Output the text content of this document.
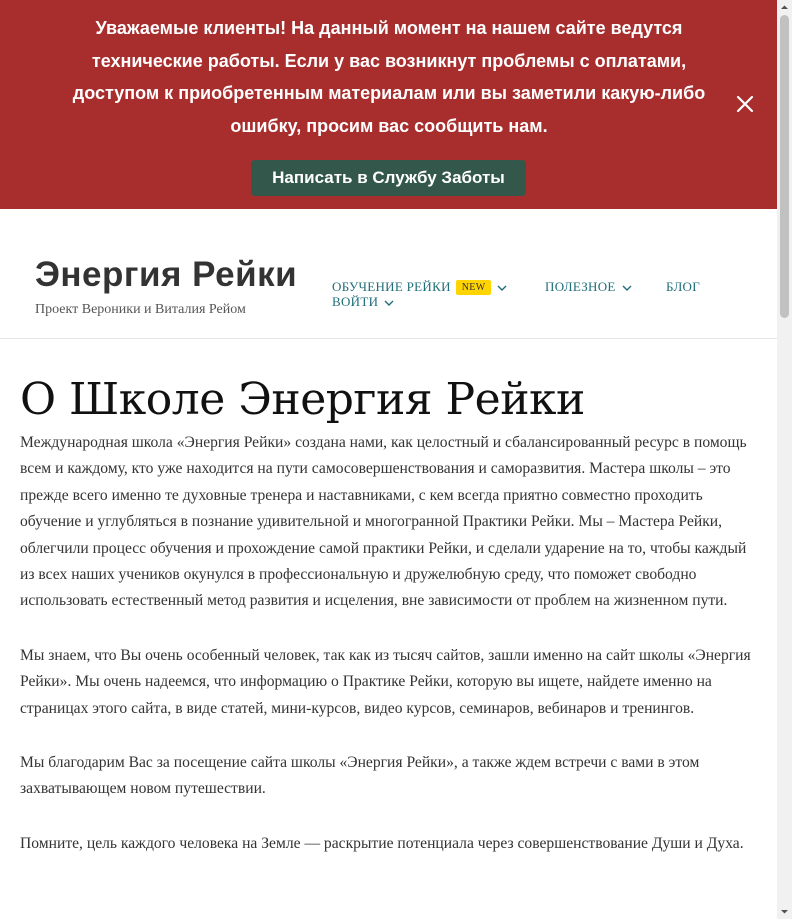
Уважаемые клиенты! На данный момент на нашем сайте ведутся технические работы. Если у вас возникнут проблемы с оплатами, доступом к приобретенным материалам или вы заметили какую-либо ошибку, просим вас сообщить нам.

Написать в Службу Заботы
Энергия Рейки

Проект Вероники и Виталия Рейом

ОБУЧЕНИЕ РЕЙКИ NEW	ПОЛЕЗНОЕ	БЛОГ
ВОЙТИ
О Школе Энергия Рейки

Международная школа «Энергия Рейки» создана нами, как целостный и сбалансированный ресурс в помощь всем и каждому, кто уже находится на пути самосовершенствования и саморазвития. Мастера школы – это прежде всего именно те духовные тренера и наставниками, с кем всегда приятно совместно проходить обучение и углубляться в познание удивительной и многогранной Практики Рейки. Мы – Мастера Рейки, облегчили процесс обучения и прохождение самой практики Рейки, и сделали ударение на то, чтобы каждый из всех наших учеников окунулся в профессиональную и дружелюбную среду, что поможет свободно использовать естественный метод развития и исцеления, вне зависимости от проблем на жизненном пути.

Мы знаем, что Вы очень особенный человек, так как из тысяч сайтов, зашли именно на сайт школы «Энергия Рейки». Мы очень надеемся, что информацию о Практике Рейки, которую вы ищете, найдете именно на страницах этого сайта, в виде статей, мини-курсов, видео курсов, семинаров, вебинаров и тренингов.

Мы благодарим Вас за посещение сайта школы «Энергия Рейки», а также ждем встречи с вами в этом захватывающем новом путешествии.

Помните, цель каждого человека на Земле — раскрытие потенциала через совершенствование Души и Духа.
